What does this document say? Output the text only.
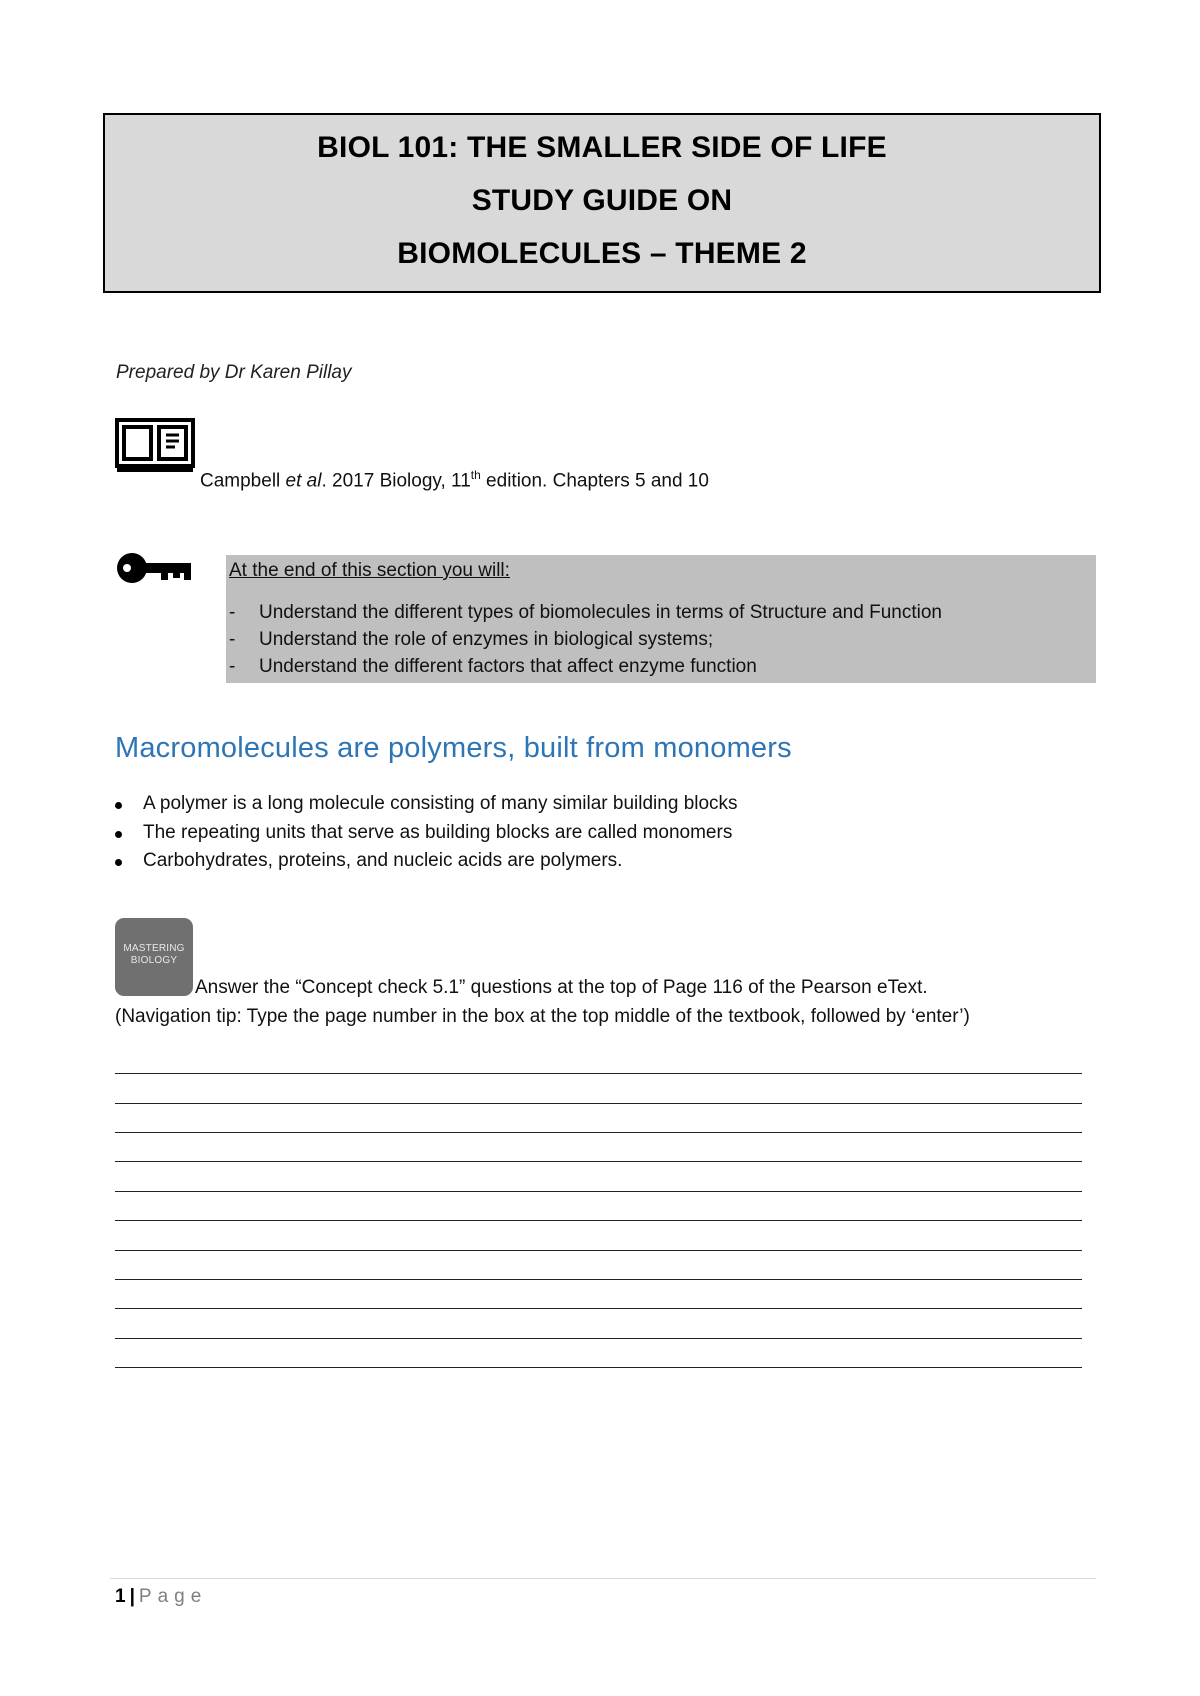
BIOL 101: THE SMALLER SIDE OF LIFE
STUDY GUIDE ON
BIOMOLECULES – THEME 2
Prepared by Dr Karen Pillay
Campbell et al. 2017 Biology, 11th edition. Chapters 5 and 10
At the end of this section you will:
- Understand the different types of biomolecules in terms of Structure and Function
- Understand the role of enzymes in biological systems;
- Understand the different factors that affect enzyme function
Macromolecules are polymers, built from monomers
A polymer is a long molecule consisting of many similar building blocks
The repeating units that serve as building blocks are called monomers
Carbohydrates, proteins, and nucleic acids are polymers.
MASTERING
BIOLOGY
Answer the “Concept check 5.1” questions at the top of Page 116 of the Pearson eText.
(Navigation tip: Type the page number in the box at the top middle of the textbook, followed by ‘enter’)
1 | Page
